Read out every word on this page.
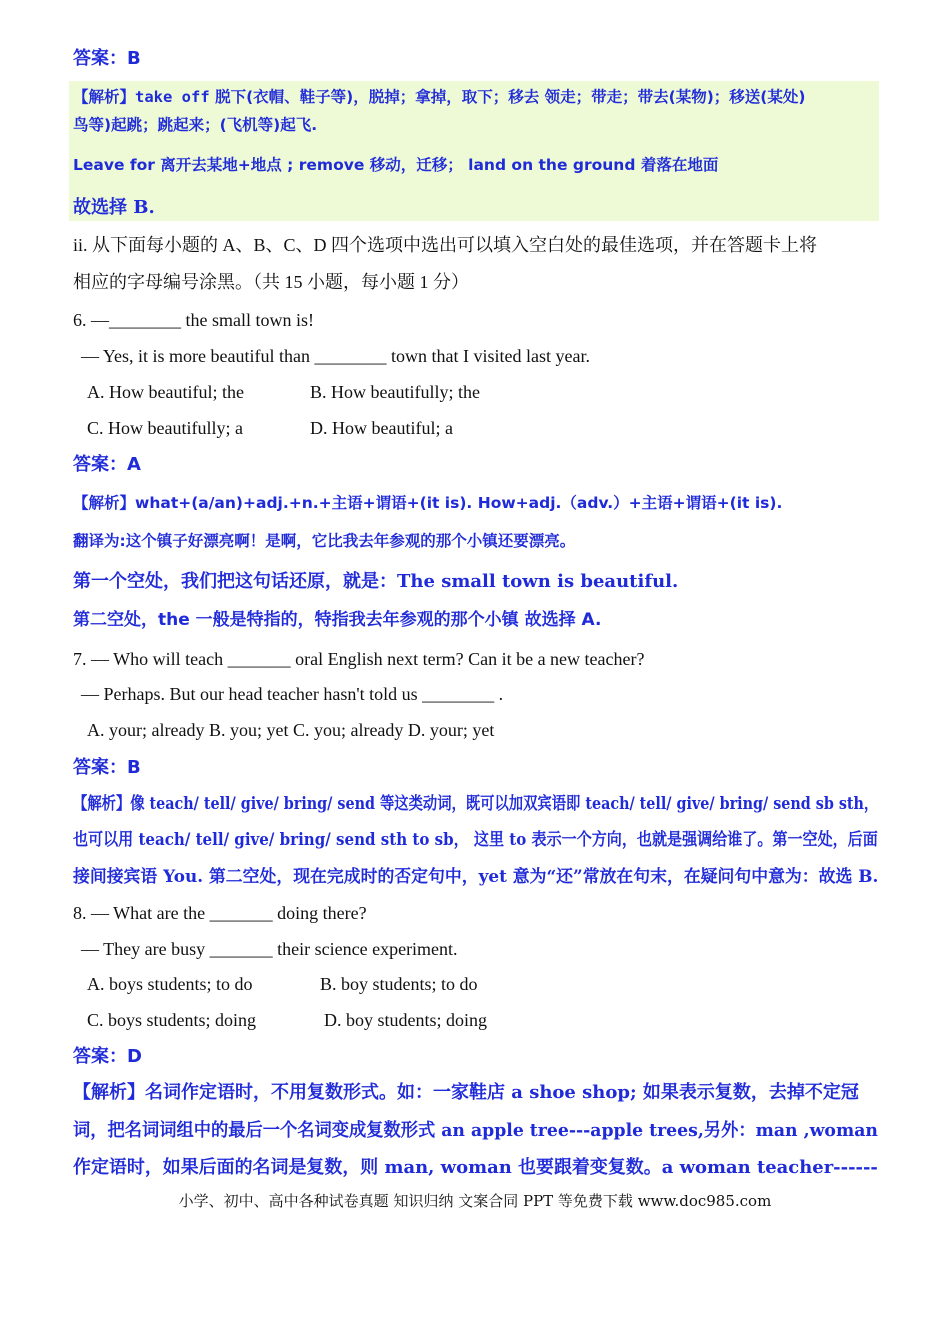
答案：B
【解析】take off 脱下(衣帽、鞋子等)，脱掉；拿掉，取下；移去 领走；带走；带去(某物)；移送(某处)
鸟等)起跳；跳起来；(飞机等)起飞.
Leave for 离开去某地+地点 ; remove 移动，迁移； land on the ground 着落在地面
故选择 B.
ii. 从下面每小题的 A、B、C、D 四个选项中选出可以填入空白处的最佳选项，并在答题卡上将
相应的字母编号涂黑。（共 15 小题，每小题 1 分）
6. —________ the small town is!
— Yes, it is more beautiful than ________ town that I visited last year.
A. How beautiful; the	B. How beautifully; the
C. How beautifully; a	D. How beautiful; a
答案：A
【解析】what+(a/an)+adj.+n.+主语+谓语+(it is). How+adj.（adv.）+主语+谓语+(it is).
翻译为:这个镇子好漂亮啊！是啊，它比我去年参观的那个小镇还要漂亮。
第一个空处，我们把这句话还原，就是：The small town is beautiful.
第二空处，the 一般是特指的，特指我去年参观的那个小镇 故选择 A.
7. — Who will teach _______ oral English next term? Can it be a new teacher?
— Perhaps. But our head teacher hasn't told us ________ .
A. your; already B. you; yet C. you; already D. your; yet
答案：B
【解析】像 teach/ tell/ give/ bring/ send 等这类动词，既可以加双宾语即 teach/ tell/ give/ bring/ send sb sth，
也可以用 teach/ tell/ give/ bring/ send sth to sb， 这里 to 表示一个方向，也就是强调给谁了。第一空处，后面
接间接宾语 You. 第二空处，现在完成时的否定句中，yet 意为“还”常放在句末，在疑问句中意为：故选 B.
8. — What are the _______ doing there?
— They are busy _______ their science experiment.
A. boys students; to do	B. boy students; to do
C. boys students; doing	D. boy students; doing
答案：D
【解析】名词作定语时，不用复数形式。如：一家鞋店 a shoe shop; 如果表示复数，去掉不定冠
词，把名词词组中的最后一个名词变成复数形式 an apple tree---apple trees,另外：man ,woman
作定语时，如果后面的名词是复数，则 man, woman 也要跟着变复数。a woman teacher------
小学、初中、高中各种试卷真题 知识归纳 文案合同 PPT 等免费下载 www.doc985.com
